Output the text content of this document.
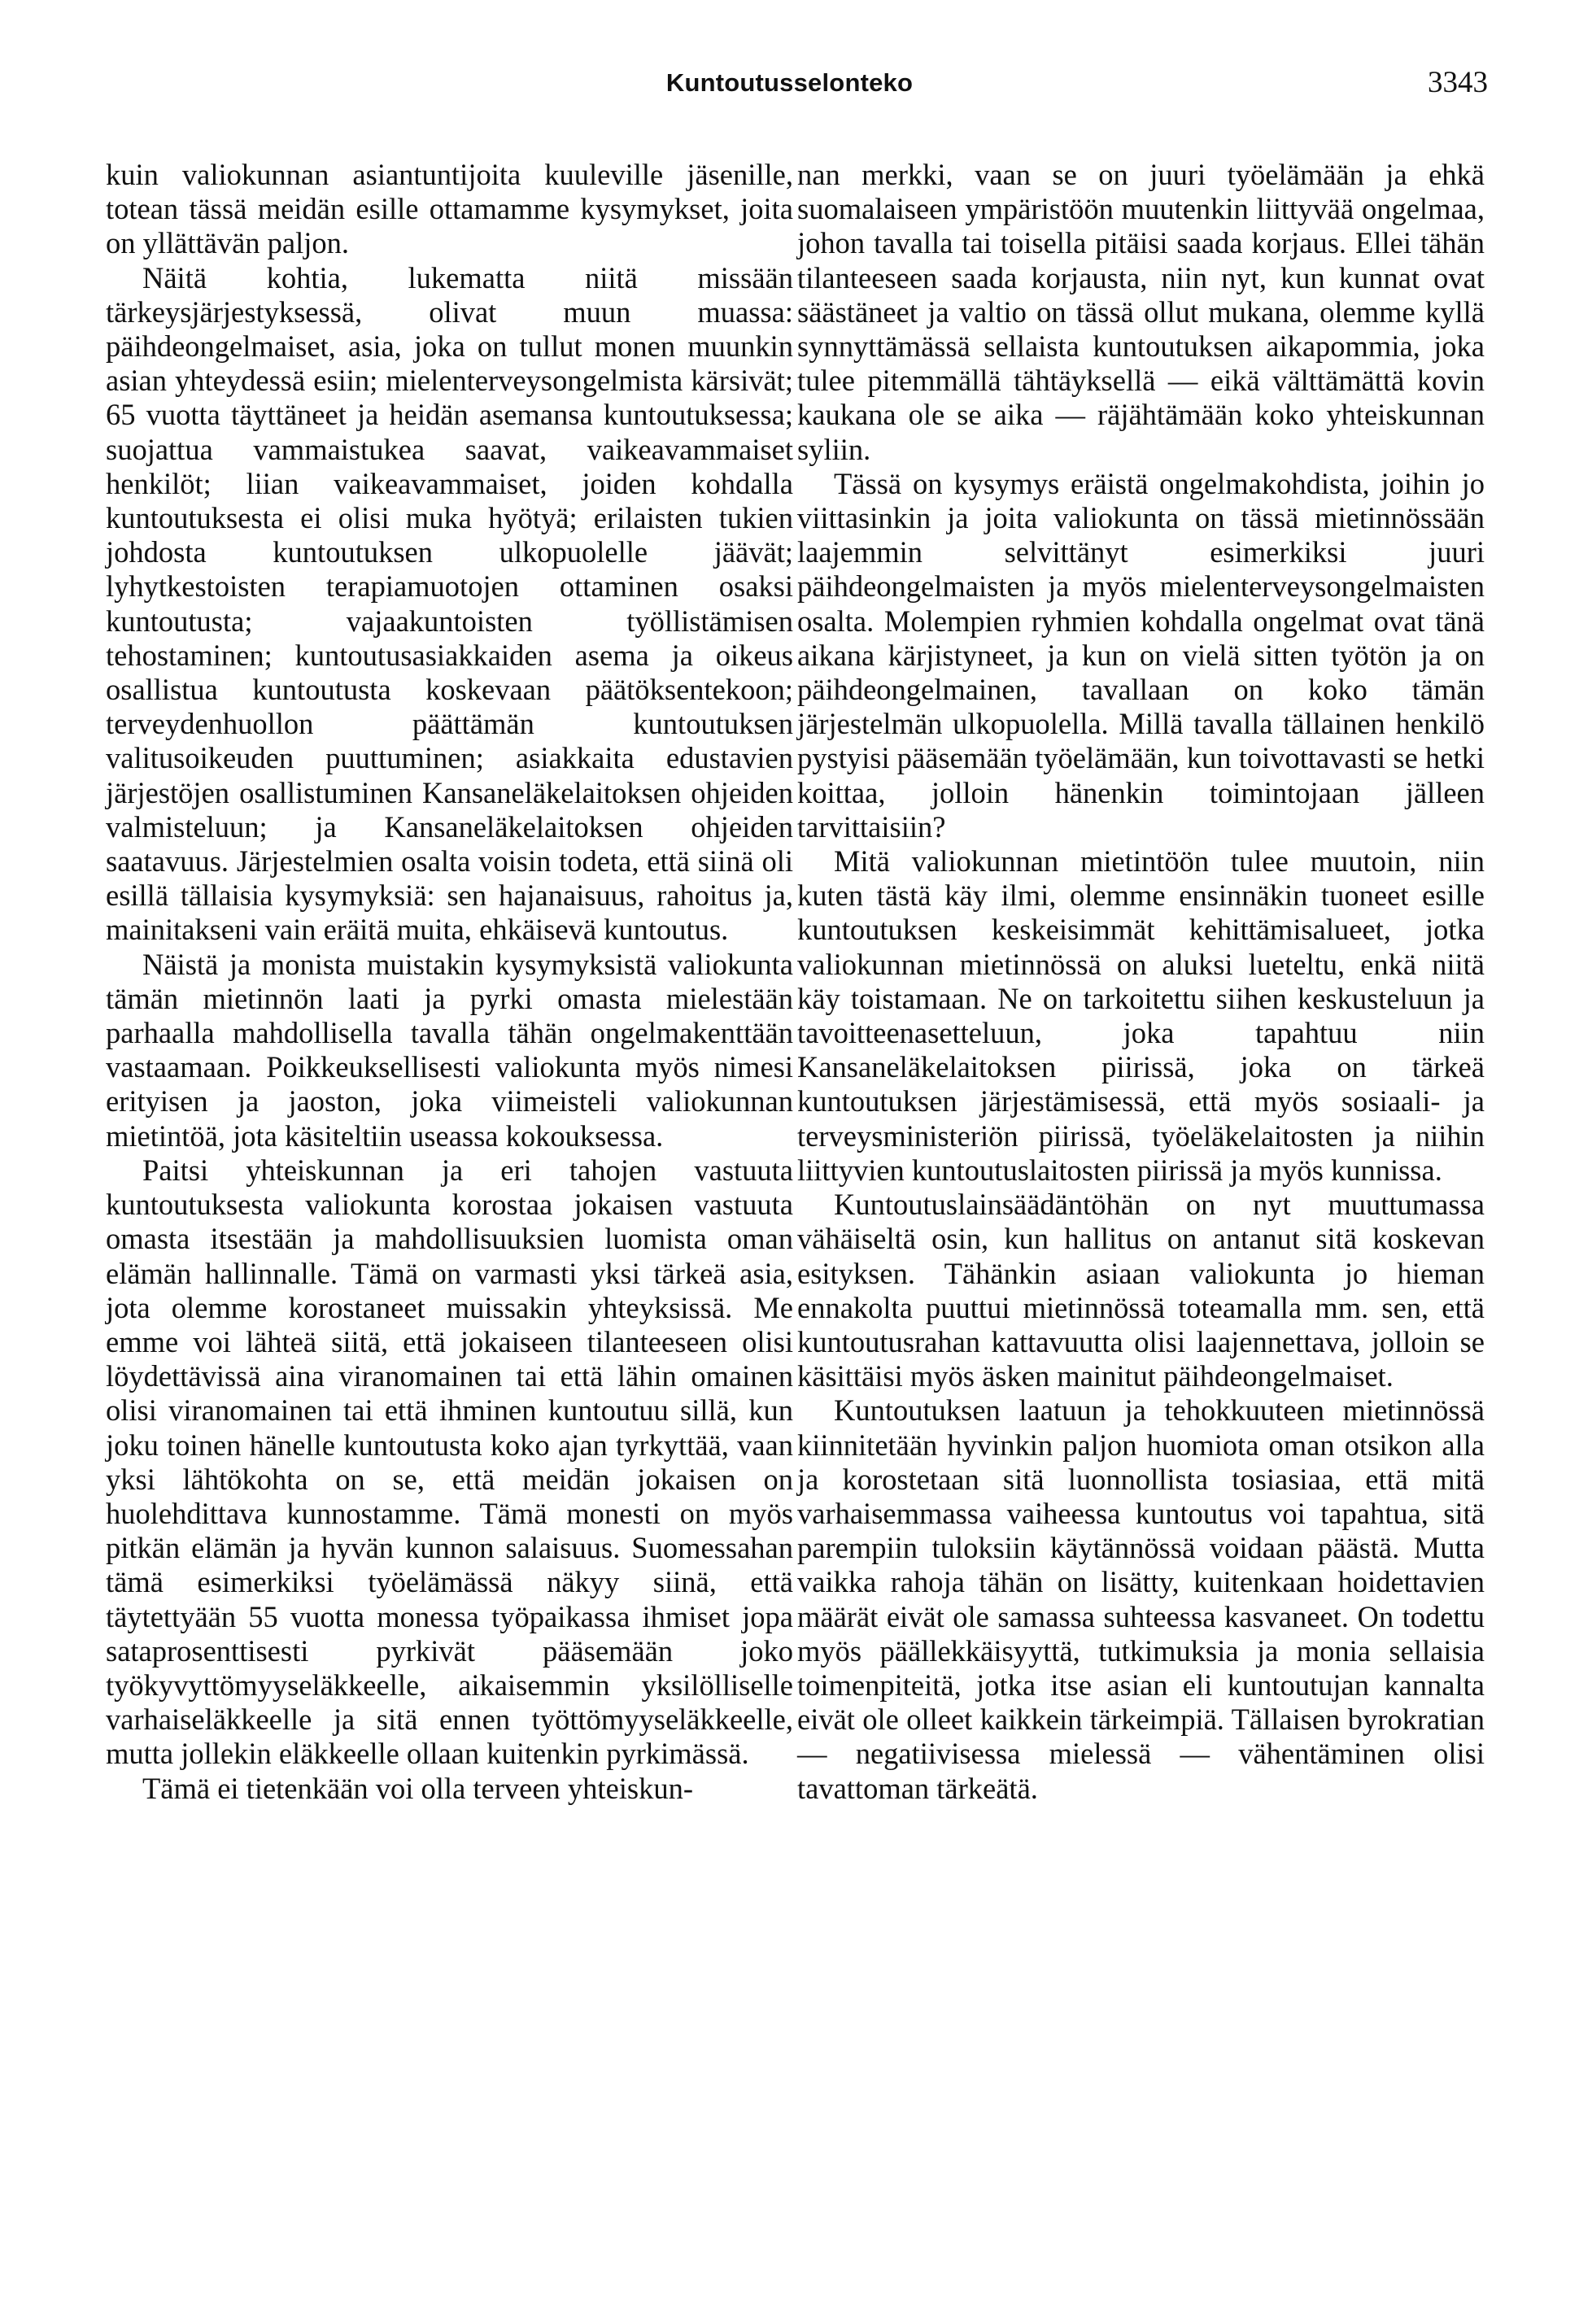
Kuntoutusselonteko	3343

kuin valiokunnan asiantuntijoita kuuleville jäsenille, totean tässä meidän esille ottamamme kysymykset, joita on yllättävän paljon.

Näitä kohtia, lukematta niitä missään tärkeysjärjestyksessä, olivat muun muassa: päihdeongelmaiset, asia, joka on tullut monen muunkin asian yhteydessä esiin; mielenterveysongelmista kärsivät; 65 vuotta täyttäneet ja heidän asemansa kuntoutuksessa; suojattua vammaistukea saavat, vaikeavammaiset henkilöt; liian vaikeavammaiset, joiden kohdalla kuntoutuksesta ei olisi muka hyötyä; erilaisten tukien johdosta kuntoutuksen ulkopuolelle jäävät; lyhytkestoisten terapiamuotojen ottaminen osaksi kuntoutusta; vajaakuntoisten työllistämisen tehostaminen; kuntoutusasiakkaiden asema ja oikeus osallistua kuntoutusta koskevaan päätöksentekoon; terveydenhuollon päättämän kuntoutuksen valitusoikeuden puuttuminen; asiakkaita edustavien järjestöjen osallistuminen Kansaneläkelaitoksen ohjeiden valmisteluun; ja Kansaneläkelaitoksen ohjeiden saatavuus. Järjestelmien osalta voisin todeta, että siinä oli esillä tällaisia kysymyksiä: sen hajanaisuus, rahoitus ja, mainitakseni vain eräitä muita, ehkäisevä kuntoutus.

Näistä ja monista muistakin kysymyksistä valiokunta tämän mietinnön laati ja pyrki omasta mielestään parhaalla mahdollisella tavalla tähän ongelmakenttään vastaamaan. Poikkeuksellisesti valiokunta myös nimesi erityisen ja jaoston, joka viimeisteli valiokunnan mietintöä, jota käsiteltiin useassa kokouksessa.

Paitsi yhteiskunnan ja eri tahojen vastuuta kuntoutuksesta valiokunta korostaa jokaisen vastuuta omasta itsestään ja mahdollisuuksien luomista oman elämän hallinnalle. Tämä on varmasti yksi tärkeä asia, jota olemme korostaneet muissakin yhteyksissä. Me emme voi lähteä siitä, että jokaiseen tilanteeseen olisi löydettävissä aina viranomainen tai että lähin omainen olisi viranomainen tai että ihminen kuntoutuu sillä, kun joku toinen hänelle kuntoutusta koko ajan tyrkyttää, vaan yksi lähtökohta on se, että meidän jokaisen on huolehdittava kunnostamme. Tämä monesti on myös pitkän elämän ja hyvän kunnon salaisuus. Suomessahan tämä esimerkiksi työelämässä näkyy siinä, että täytettyään 55 vuotta monessa työpaikassa ihmiset jopa sataprosenttisesti pyrkivät pääsemään joko työkyvyttömyyseläkkeelle, aikaisemmin yksilölliselle varhaiseläkkeelle ja sitä ennen työttömyyseläkkeelle, mutta jollekin eläkkeelle ollaan kuitenkin pyrkimässä.

Tämä ei tietenkään voi olla terveen yhteiskun-

nan merkki, vaan se on juuri työelämään ja ehkä suomalaiseen ympäristöön muutenkin liittyvää ongelmaa, johon tavalla tai toisella pitäisi saada korjaus. Ellei tähän tilanteeseen saada korjausta, niin nyt, kun kunnat ovat säästäneet ja valtio on tässä ollut mukana, olemme kyllä synnyttämässä sellaista kuntoutuksen aikapommia, joka tulee pitemmällä tähtäyksellä — eikä välttämättä kovin kaukana ole se aika — räjähtämään koko yhteiskunnan syliin.

Tässä on kysymys eräistä ongelmakohdista, joihin jo viittasinkin ja joita valiokunta on tässä mietinnössään laajemmin selvittänyt esimerkiksi juuri päihdeongelmaisten ja myös mielenterveysongelmaisten osalta. Molempien ryhmien kohdalla ongelmat ovat tänä aikana kärjistyneet, ja kun on vielä sitten työtön ja on päihdeongelmainen, tavallaan on koko tämän järjestelmän ulkopuolella. Millä tavalla tällainen henkilö pystyisi pääsemään työelämään, kun toivottavasti se hetki koittaa, jolloin hänenkin toimintojaan jälleen tarvittaisiin?

Mitä valiokunnan mietintöön tulee muutoin, niin kuten tästä käy ilmi, olemme ensinnäkin tuoneet esille kuntoutuksen keskeisimmät kehittämisalueet, jotka valiokunnan mietinnössä on aluksi lueteltu, enkä niitä käy toistamaan. Ne on tarkoitettu siihen keskusteluun ja tavoitteenasetteluun, joka tapahtuu niin Kansaneläkelaitoksen piirissä, joka on tärkeä kuntoutuksen järjestämisessä, että myös sosiaali- ja terveysministeriön piirissä, työeläkelaitosten ja niihin liittyvien kuntoutuslaitosten piirissä ja myös kunnissa.

Kuntoutuslainsäädäntöhän on nyt muuttumassa vähäiseltä osin, kun hallitus on antanut sitä koskevan esityksen. Tähänkin asiaan valiokunta jo hieman ennakolta puuttui mietinnössä toteamalla mm. sen, että kuntoutusrahan kattavuutta olisi laajennettava, jolloin se käsittäisi myös äsken mainitut päihdeongelmaiset.

Kuntoutuksen laatuun ja tehokkuuteen mietinnössä kiinnitetään hyvinkin paljon huomiota oman otsikon alla ja korostetaan sitä luonnollista tosiasiaa, että mitä varhaisemmassa vaiheessa kuntoutus voi tapahtua, sitä parempiin tuloksiin käytännössä voidaan päästä. Mutta vaikka rahoja tähän on lisätty, kuitenkaan hoidettavien määrät eivät ole samassa suhteessa kasvaneet. On todettu myös päällekkäisyyttä, tutkimuksia ja monia sellaisia toimenpiteitä, jotka itse asian eli kuntoutujan kannalta eivät ole olleet kaikkein tärkeimpiä. Tällaisen byrokratian — negatiivisessa mielessä — vähentäminen olisi tavattoman tärkeätä.
